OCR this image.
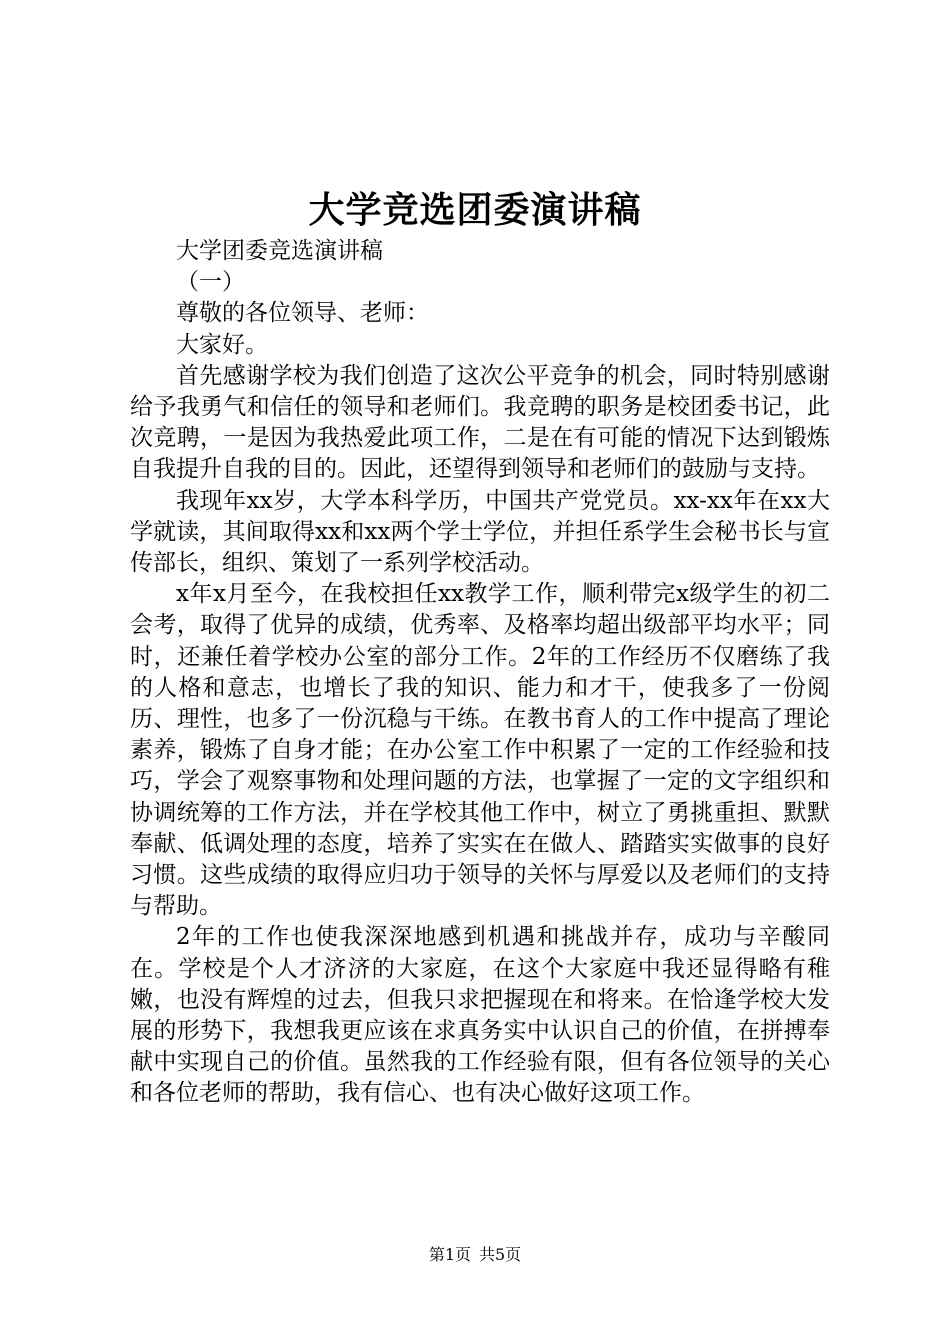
大学竞选团委演讲稿

大学团委竞选演讲稿

（一）

尊敬的各位领导、老师：

大家好。

首先感谢学校为我们创造了这次公平竞争的机会，同时特别感谢给予我勇气和信任的领导和老师们。我竞聘的职务是校团委书记，此次竞聘，一是因为我热爱此项工作，二是在有可能的情况下达到锻炼自我提升自我的目的。因此，还望得到领导和老师们的鼓励与支持。

我现年xx岁，大学本科学历，中国共产党党员。xx-xx年在xx大学就读，其间取得xx和xx两个学士学位，并担任系学生会秘书长与宣传部长，组织、策划了一系列学校活动。

x年x月至今，在我校担任xx教学工作，顺利带完x级学生的初二会考，取得了优异的成绩，优秀率、及格率均超出级部平均水平；同时，还兼任着学校办公室的部分工作。2年的工作经历不仅磨练了我的人格和意志，也增长了我的知识、能力和才干，使我多了一份阅历、理性，也多了一份沉稳与干练。在教书育人的工作中提高了理论素养，锻炼了自身才能；在办公室工作中积累了一定的工作经验和技巧，学会了观察事物和处理问题的方法，也掌握了一定的文字组织和协调统筹的工作方法，并在学校其他工作中，树立了勇挑重担、默默奉献、低调处理的态度，培养了实实在在做人、踏踏实实做事的良好习惯。这些成绩的取得应归功于领导的关怀与厚爱以及老师们的支持与帮助。

2年的工作也使我深深地感到机遇和挑战并存，成功与辛酸同在。学校是个人才济济的大家庭，在这个大家庭中我还显得略有稚嫩，也没有辉煌的过去，但我只求把握现在和将来。在恰逢学校大发展的形势下，我想我更应该在求真务实中认识自己的价值，在拼搏奉献中实现自己的价值。虽然我的工作经验有限，但有各位领导的关心和各位老师的帮助，我有信心、也有决心做好这项工作。

第1页 共5页
